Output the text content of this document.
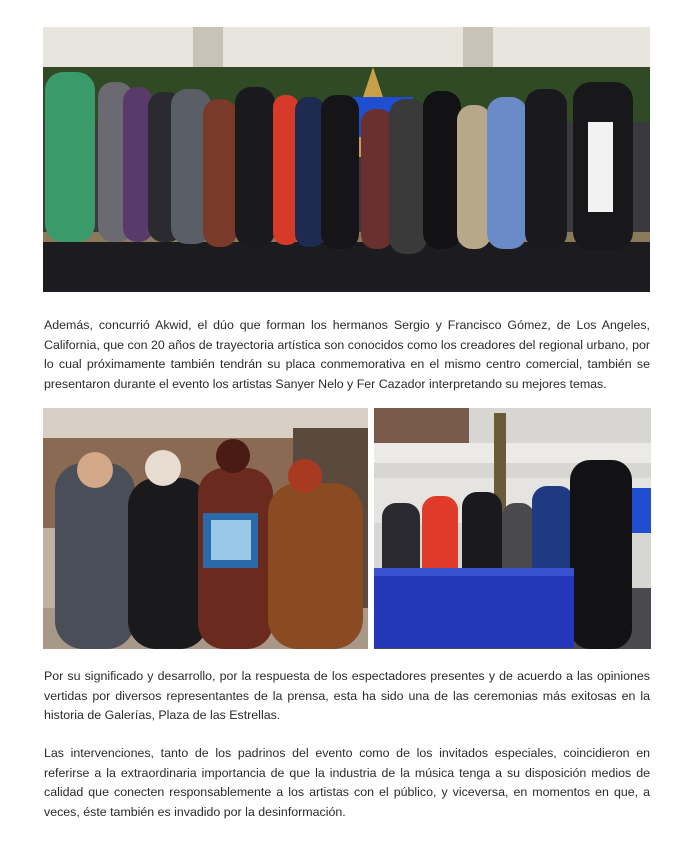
Además, concurrió Akwid, el dúo que forman los hermanos Sergio y Francisco Gómez, de Los Angeles, California, que con 20 años de trayectoria artística son conocidos como los creadores del regional urbano, por lo cual próximamente también tendrán su placa conmemorativa en el mismo centro comercial, también se presentaron durante el evento los artistas Sanyer Nelo y Fer Cazador interpretando su mejores temas.

Por su significado y desarrollo, por la respuesta de los espectadores presentes y de acuerdo a las opiniones vertidas por diversos representantes de la prensa, esta ha sido una de las ceremonias más exitosas en la historia de Galerías, Plaza de las Estrellas.

Las intervenciones, tanto de los padrinos del evento como de los invitados especiales, coincidieron en referirse a la extraordinaria importancia de que la industria de la música tenga a su disposición medios de calidad que conecten responsablemente a los artistas con el público, y viceversa, en momentos en que, a veces, éste también es invadido por la desinformación.
